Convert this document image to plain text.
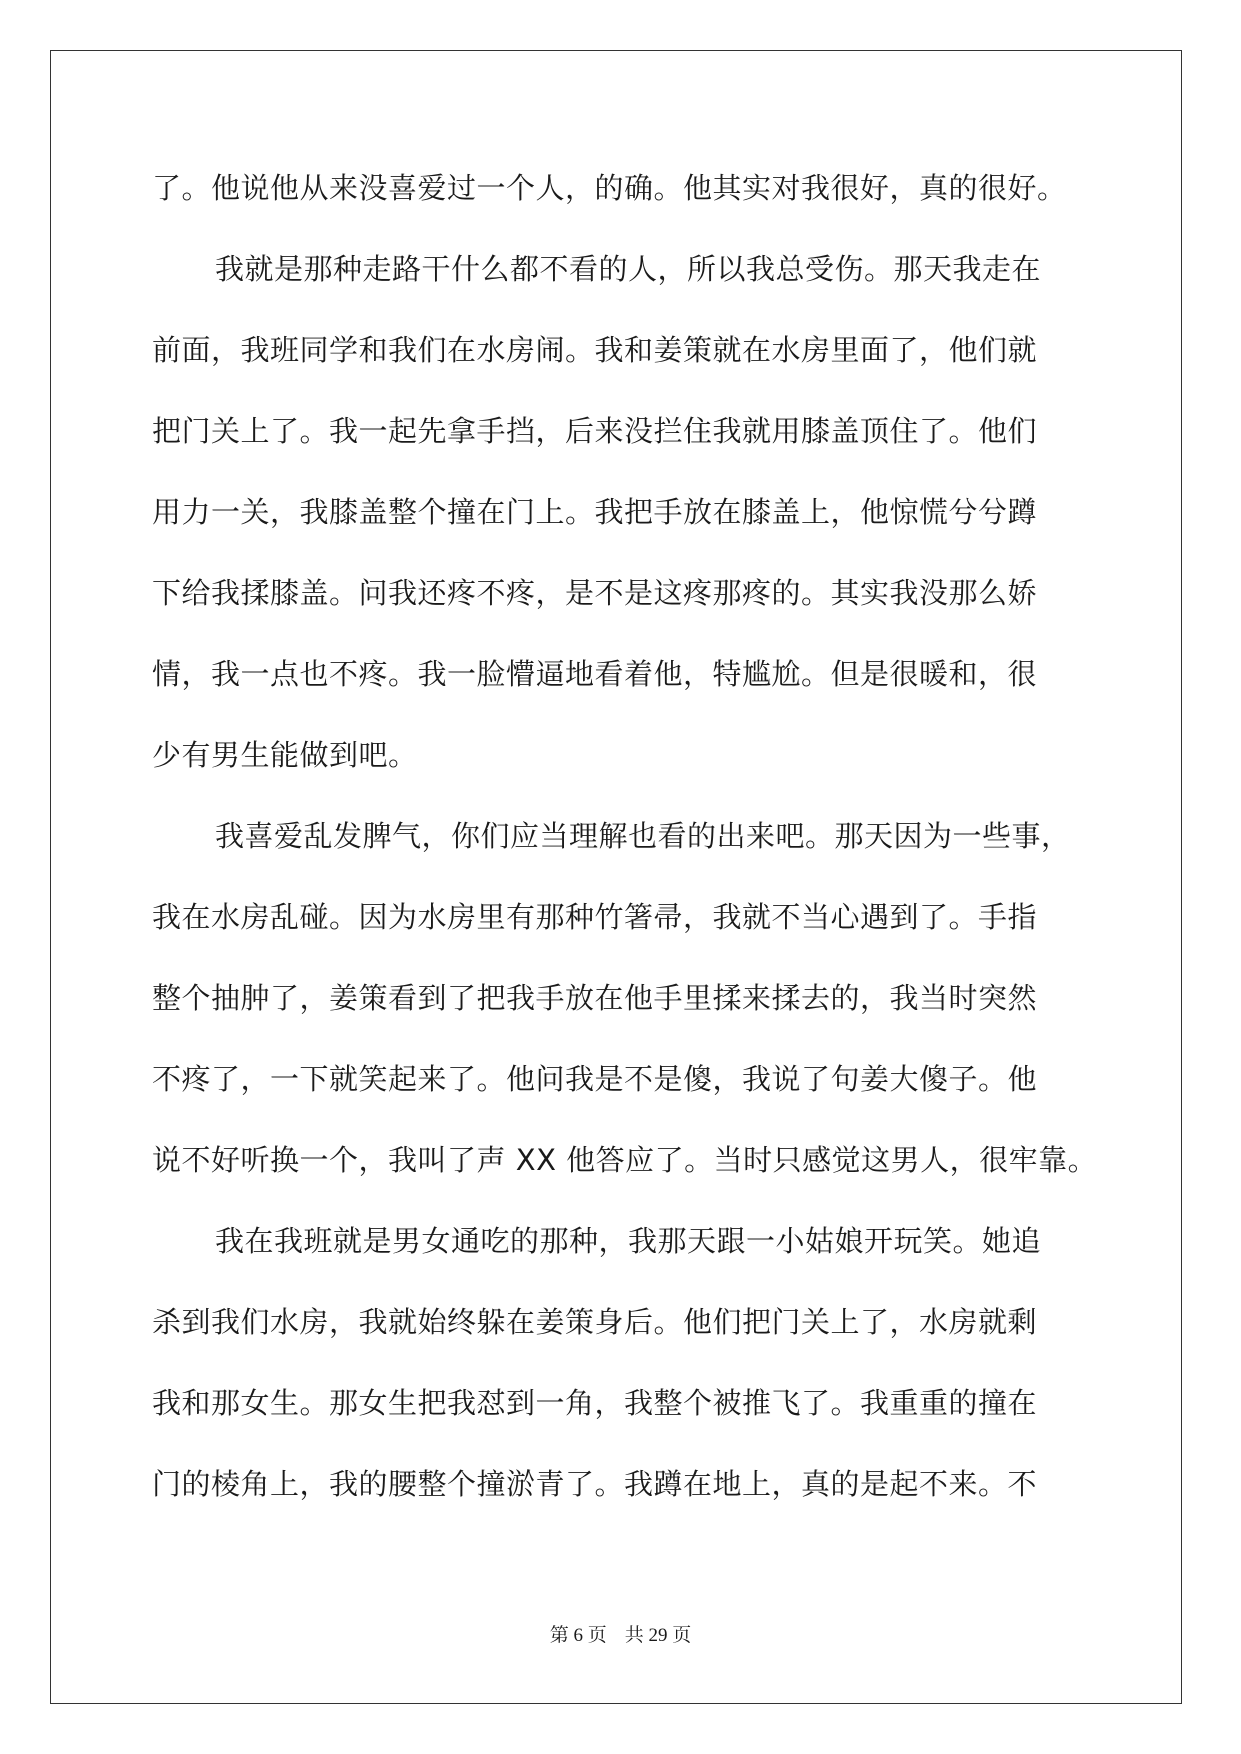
了。他说他从来没喜爱过一个人，的确。他其实对我很好，真的很好。
我就是那种走路干什么都不看的人，所以我总受伤。那天我走在
前面，我班同学和我们在水房闹。我和姜策就在水房里面了，他们就
把门关上了。我一起先拿手挡，后来没拦住我就用膝盖顶住了。他们
用力一关，我膝盖整个撞在门上。我把手放在膝盖上，他惊慌兮兮蹲
下给我揉膝盖。问我还疼不疼，是不是这疼那疼的。其实我没那么娇
情，我一点也不疼。我一脸懵逼地看着他，特尴尬。但是很暖和，很
少有男生能做到吧。
我喜爱乱发脾气，你们应当理解也看的出来吧。那天因为一些事，
我在水房乱碰。因为水房里有那种竹箸帚，我就不当心遇到了。手指
整个抽肿了，姜策看到了把我手放在他手里揉来揉去的，我当时突然
不疼了，一下就笑起来了。他问我是不是傻，我说了句姜大傻子。他
说不好听换一个，我叫了声 XX 他答应了。当时只感觉这男人，很牢靠。
我在我班就是男女通吃的那种，我那天跟一小姑娘开玩笑。她追
杀到我们水房，我就始终躲在姜策身后。他们把门关上了，水房就剩
我和那女生。那女生把我怼到一角，我整个被推飞了。我重重的撞在
门的棱角上，我的腰整个撞淤青了。我蹲在地上，真的是起不来。不
第 6 页 共 29 页
